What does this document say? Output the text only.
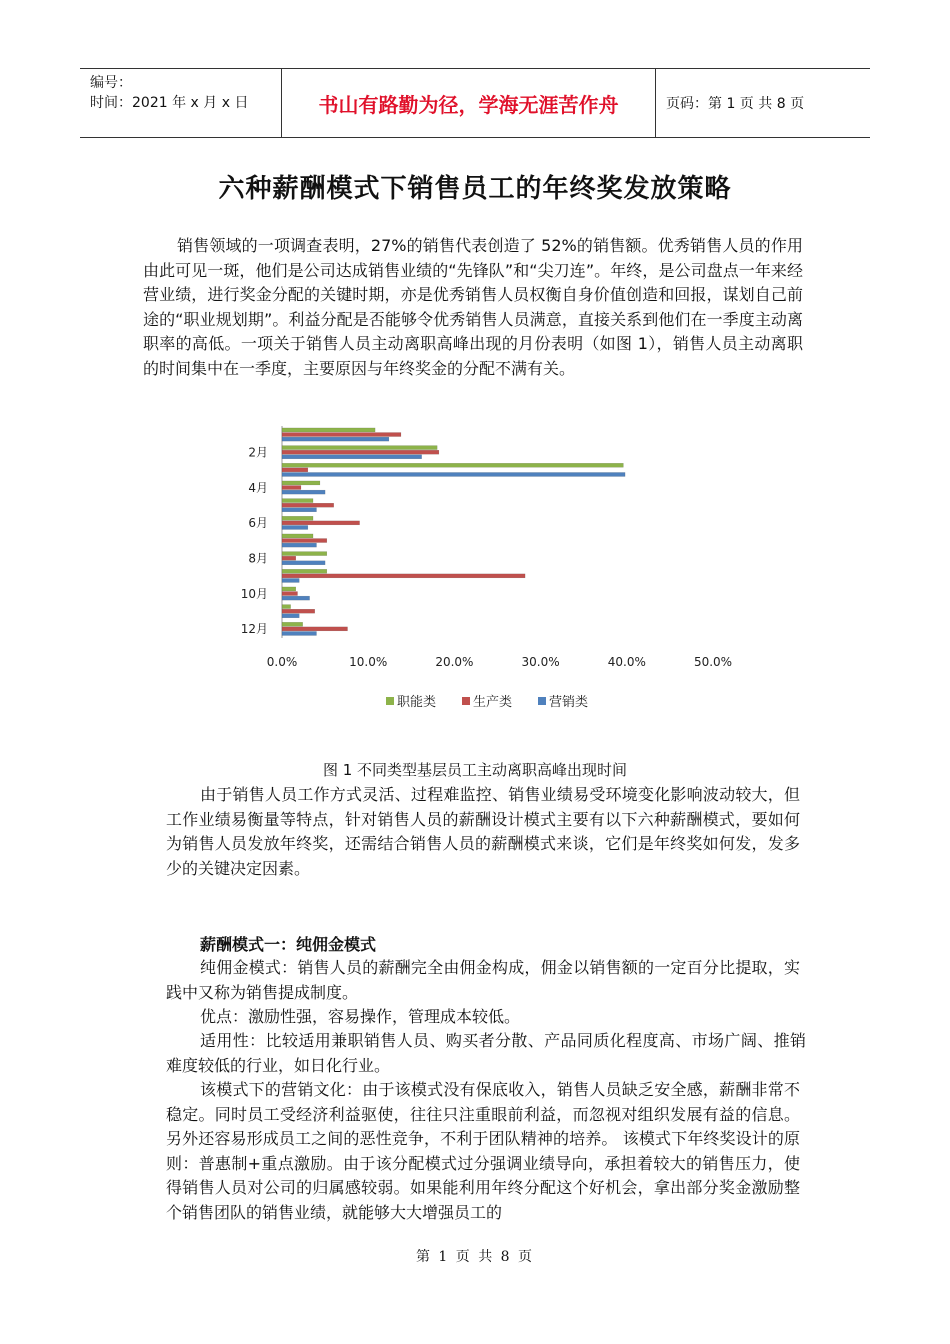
编号：
时间：2021 年 x 月 x 日	书山有路勤为径，学海无涯苦作舟	页码：第 1 页 共 8 页
六种薪酬模式下销售员工的年终奖发放策略
销售领域的一项调查表明，27%的销售代表创造了 52%的销售额。优秀销售人员的作用由此可见一斑，他们是公司达成销售业绩的“先锋队”和“尖刀连”。年终，是公司盘点一年来经营业绩，进行奖金分配的关键时期，亦是优秀销售人员权衡自身价值创造和回报，谋划自己前途的“职业规划期”。利益分配是否能够令优秀销售人员满意，直接关系到他们在一季度主动离职率的高低。一项关于销售人员主动离职高峰出现的月份表明（如图 1），销售人员主动离职的时间集中在一季度，主要原因与年终奖金的分配不满有关。
2月
4月
6月
8月
10月
12月
0.0%	10.0%	20.0%	30.0%	40.0%	50.0%
职能类	生产类	营销类
图 1 不同类型基层员工主动离职高峰出现时间
由于销售人员工作方式灵活、过程难监控、销售业绩易受环境变化影响波动较大，但工作业绩易衡量等特点，针对销售人员的薪酬设计模式主要有以下六种薪酬模式，要如何为销售人员发放年终奖，还需结合销售人员的薪酬模式来谈，它们是年终奖如何发，发多少的关键决定因素。
薪酬模式一：纯佣金模式
纯佣金模式：销售人员的薪酬完全由佣金构成，佣金以销售额的一定百分比提取，实践中又称为销售提成制度。
优点：激励性强，容易操作，管理成本较低。
适用性：比较适用兼职销售人员、购买者分散、产品同质化程度高、市场广阔、推销难度较低的行业，如日化行业。
该模式下的营销文化：由于该模式没有保底收入，销售人员缺乏安全感，薪酬非常不稳定。同时员工受经济利益驱使，往往只注重眼前利益，而忽视对组织发展有益的信息。另外还容易形成员工之间的恶性竞争，不利于团队精神的培养。 该模式下年终奖设计的原则：普惠制+重点激励。由于该分配模式过分强调业绩导向，承担着较大的销售压力，使得销售人员对公司的归属感较弱。如果能利用年终分配这个好机会，拿出部分奖金激励整个销售团队的销售业绩，就能够大大增强员工的
第 1 页 共 8 页
